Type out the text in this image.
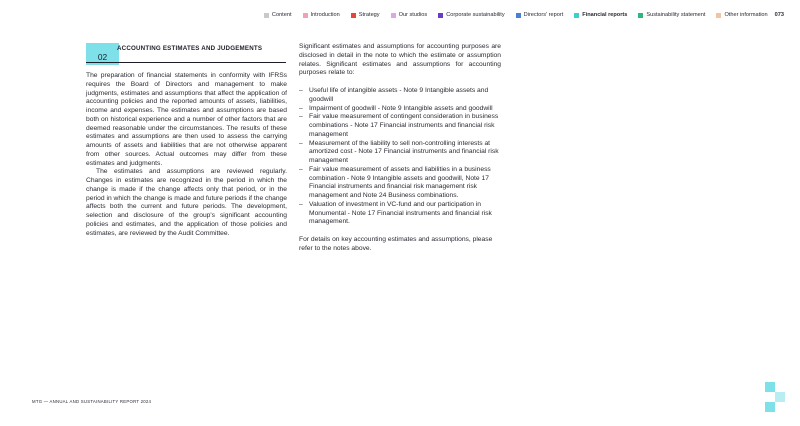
Content	Introduction	Strategy	Our studios	Corporate sustainability	Directors' report	Financial reports	Sustainability statement	Other information 073
02
ACCOUNTING ESTIMATES AND JUDGEMENTS

The preparation of financial statements in conformity with IFRSs requires the Board of Directors and management to make judgments, estimates and assumptions that affect the application of accounting policies and the reported amounts of assets, liabilities, income and expenses. The estimates and assumptions are based both on historical experience and a number of other factors that are deemed reasonable under the circumstances. The results of these estimates and assumptions are then used to assess the carrying amounts of assets and liabilities that are not otherwise apparent from other sources. Actual outcomes may differ from these estimates and judgments.

The estimates and assumptions are reviewed regularly. Changes in estimates are recognized in the period in which the change is made if the change affects only that period, or in the period in which the change is made and future periods if the change affects both the current and future periods. The development, selection and disclosure of the group's significant accounting policies and estimates, and the application of those policies and estimates, are reviewed by the Audit Committee.

Significant estimates and assumptions for accounting purposes are disclosed in detail in the note to which the estimate or assumption relates. Significant estimates and assumptions for accounting purposes relate to:

– Useful life of intangible assets - Note 9 Intangible assets and goodwill
– Impairment of goodwill - Note 9 Intangible assets and goodwill
– Fair value measurement of contingent consideration in business combinations - Note 17 Financial instruments and financial risk management
– Measurement of the liability to sell non-controlling interests at amortized cost - Note 17 Financial instruments and financial risk management
– Fair value measurement of assets and liabilities in a business combination - Note 9 Intangible assets and goodwill, Note 17 Financial instruments and financial risk management risk management and Note 24 Business combinations.
– Valuation of investment in VC-fund and our participation in Monumental - Note 17 Financial instruments and financial risk management.

For details on key accounting estimates and assumptions, please refer to the notes above.

MTG — ANNUAL AND SUSTAINABILITY REPORT 2024
